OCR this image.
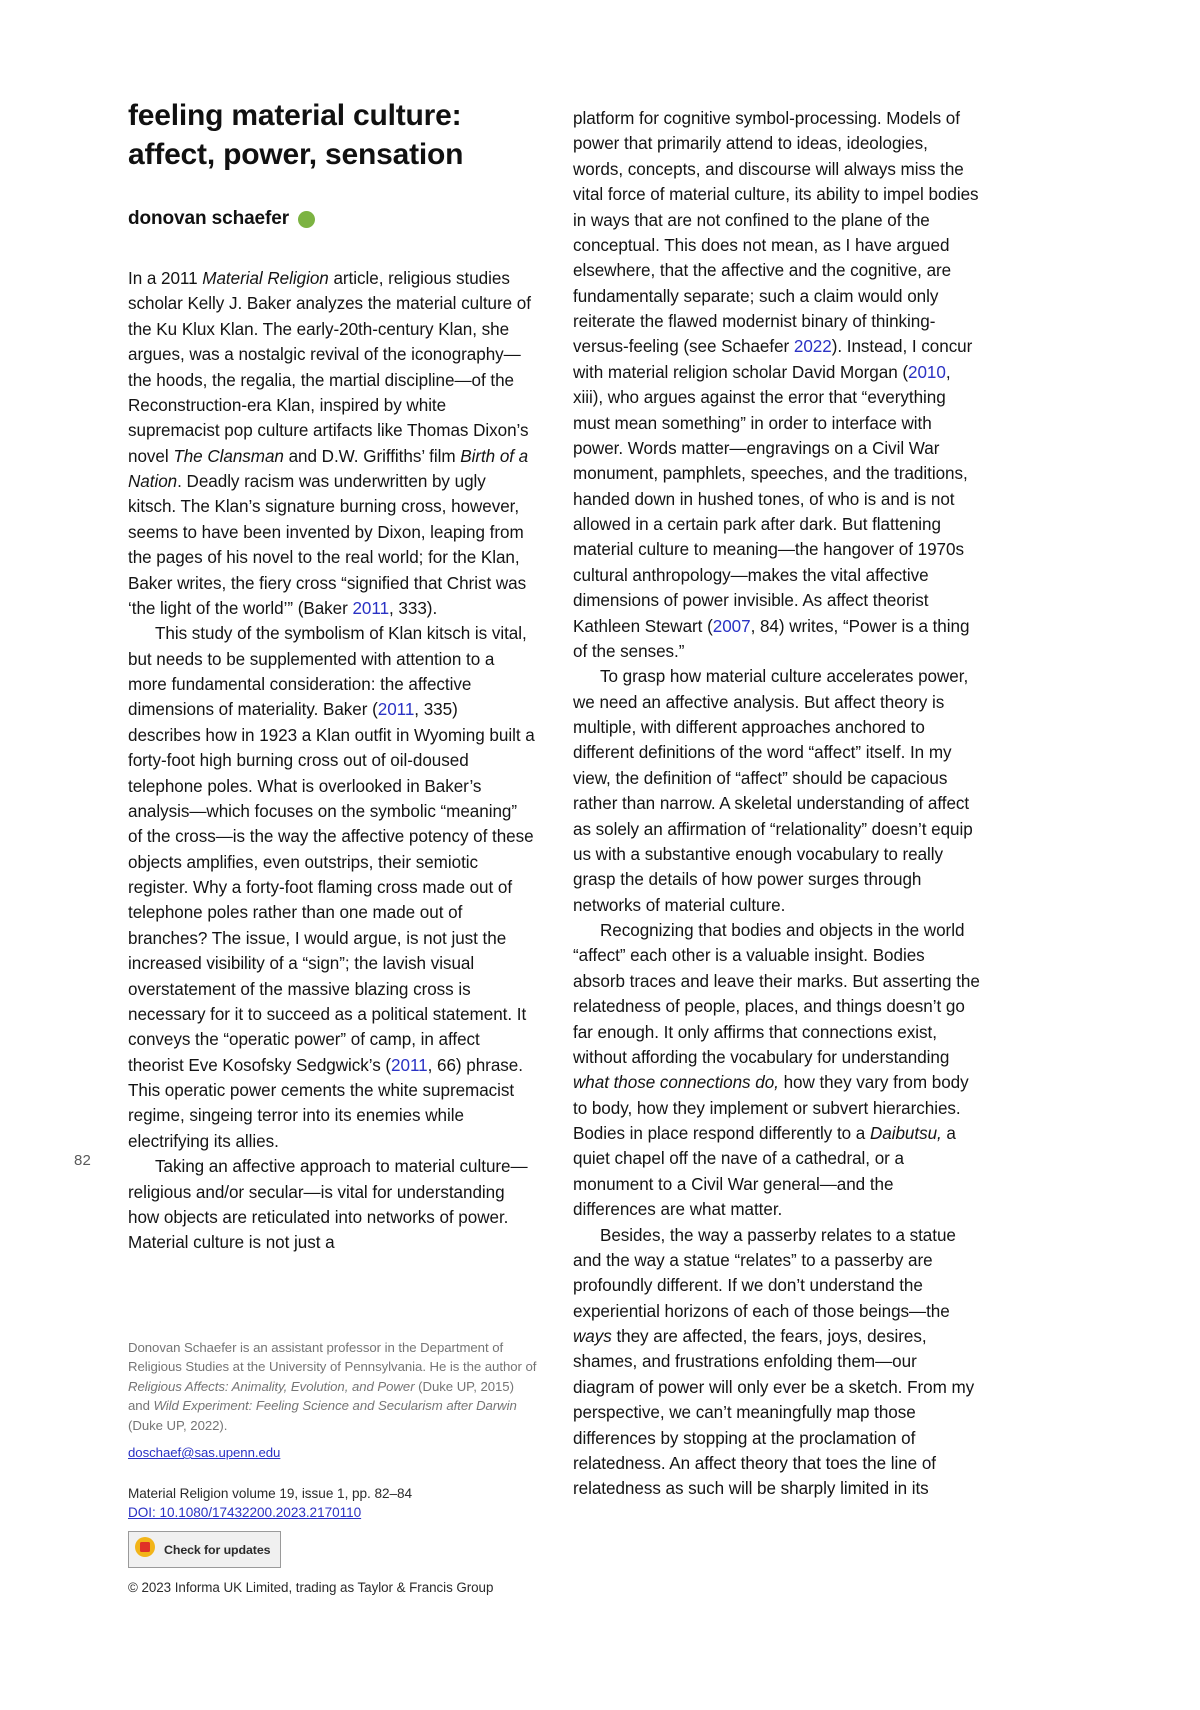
82
feeling material culture: affect, power, sensation
donovan schaefer

In a 2011 Material Religion article, religious studies scholar Kelly J. Baker analyzes the material culture of the Ku Klux Klan. The early-20th-century Klan, she argues, was a nostalgic revival of the iconography—the hoods, the regalia, the martial discipline—of the Reconstruction-era Klan, inspired by white supremacist pop culture artifacts like Thomas Dixon’s novel The Clansman and D.W. Griffiths’ film Birth of a Nation. Deadly racism was underwritten by ugly kitsch. The Klan’s signature burning cross, however, seems to have been invented by Dixon, leaping from the pages of his novel to the real world; for the Klan, Baker writes, the fiery cross “signified that Christ was ‘the light of the world’” (Baker 2011, 333).

This study of the symbolism of Klan kitsch is vital, but needs to be supplemented with attention to a more fundamental consideration: the affective dimensions of materiality. Baker (2011, 335) describes how in 1923 a Klan outfit in Wyoming built a forty-foot high burning cross out of oil-doused telephone poles. What is overlooked in Baker’s analysis—which focuses on the symbolic “meaning” of the cross—is the way the affective potency of these objects amplifies, even outstrips, their semiotic register. Why a forty-foot flaming cross made out of telephone poles rather than one made out of branches? The issue, I would argue, is not just the increased visibility of a “sign”; the lavish visual overstatement of the massive blazing cross is necessary for it to succeed as a political statement. It conveys the “operatic power” of camp, in affect theorist Eve Kosofsky Sedgwick’s (2011, 66) phrase. This operatic power cements the white supremacist regime, singeing terror into its enemies while electrifying its allies.

Taking an affective approach to material culture—religious and/or secular—is vital for understanding how objects are reticulated into networks of power. Material culture is not just a

platform for cognitive symbol-processing. Models of power that primarily attend to ideas, ideologies, words, concepts, and discourse will always miss the vital force of material culture, its ability to impel bodies in ways that are not confined to the plane of the conceptual. This does not mean, as I have argued elsewhere, that the affective and the cognitive, are fundamentally separate; such a claim would only reiterate the flawed modernist binary of thinking-versus-feeling (see Schaefer 2022). Instead, I concur with material religion scholar David Morgan (2010, xiii), who argues against the error that “everything must mean something” in order to interface with power. Words matter—engravings on a Civil War monument, pamphlets, speeches, and the traditions, handed down in hushed tones, of who is and is not allowed in a certain park after dark. But flattening material culture to meaning—the hangover of 1970s cultural anthropology—makes the vital affective dimensions of power invisible. As affect theorist Kathleen Stewart (2007, 84) writes, “Power is a thing of the senses.”

To grasp how material culture accelerates power, we need an affective analysis. But affect theory is multiple, with different approaches anchored to different definitions of the word “affect” itself. In my view, the definition of “affect” should be capacious rather than narrow. A skeletal understanding of affect as solely an affirmation of “relationality” doesn’t equip us with a substantive enough vocabulary to really grasp the details of how power surges through networks of material culture.

Recognizing that bodies and objects in the world “affect” each other is a valuable insight. Bodies absorb traces and leave their marks. But asserting the relatedness of people, places, and things doesn’t go far enough. It only affirms that connections exist, without affording the vocabulary for understanding what those connections do, how they vary from body to body, how they implement or subvert hierarchies. Bodies in place respond differently to a Daibutsu, a quiet chapel off the nave of a cathedral, or a monument to a Civil War general—and the differences are what matter.

Besides, the way a passerby relates to a statue and the way a statue “relates” to a passerby are profoundly different. If we don’t understand the experiential horizons of each of those beings—the ways they are affected, the fears, joys, desires, shames, and frustrations enfolding them—our diagram of power will only ever be a sketch. From my perspective, we can’t meaningfully map those differences by stopping at the proclamation of relatedness. An affect theory that toes the line of relatedness as such will be sharply limited in its

Donovan Schaefer is an assistant professor in the Department of Religious Studies at the University of Pennsylvania. He is the author of Religious Affects: Animality, Evolution, and Power (Duke UP, 2015) and Wild Experiment: Feeling Science and Secularism after Darwin (Duke UP, 2022).

doschaef@sas.upenn.edu
Material Religion volume 19, issue 1, pp. 82–84
DOI: 10.1080/17432200.2023.2170110
Check for updates
© 2023 Informa UK Limited, trading as Taylor & Francis Group
